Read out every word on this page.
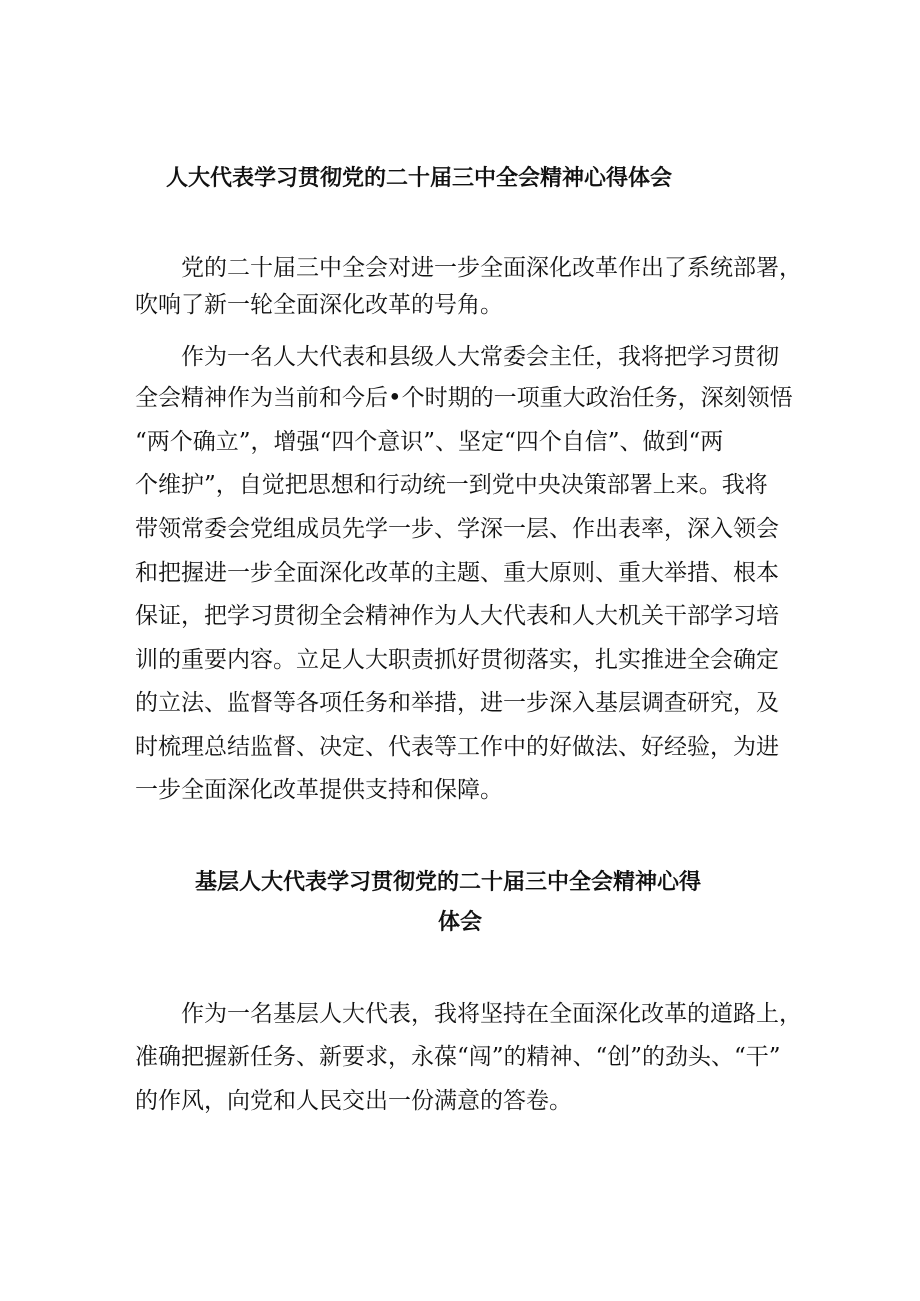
人大代表学习贯彻党的二十届三中全会精神心得体会
党的二十届三中全会对进一步全面深化改革作出了系统部署，
吹响了新一轮全面深化改革的号角。
作为一名人大代表和县级人大常委会主任，我将把学习贯彻
全会精神作为当前和今后•个时期的一项重大政治任务，深刻领悟
“两个确立”，增强“四个意识”、坚定“四个自信”、做到“两
个维护”，自觉把思想和行动统一到党中央决策部署上来。我将
带领常委会党组成员先学一步、学深一层、作出表率，深入领会
和把握进一步全面深化改革的主题、重大原则、重大举措、根本
保证，把学习贯彻全会精神作为人大代表和人大机关干部学习培
训的重要内容。立足人大职责抓好贯彻落实，扎实推进全会确定
的立法、监督等各项任务和举措，进一步深入基层调查研究，及
时梳理总结监督、决定、代表等工作中的好做法、好经验，为进
一步全面深化改革提供支持和保障。
基层人大代表学习贯彻党的二十届三中全会精神心得
体会
作为一名基层人大代表，我将坚持在全面深化改革的道路上，
准确把握新任务、新要求，永葆“闯”的精神、“创”的劲头、“干”
的作风，向党和人民交出一份满意的答卷。
